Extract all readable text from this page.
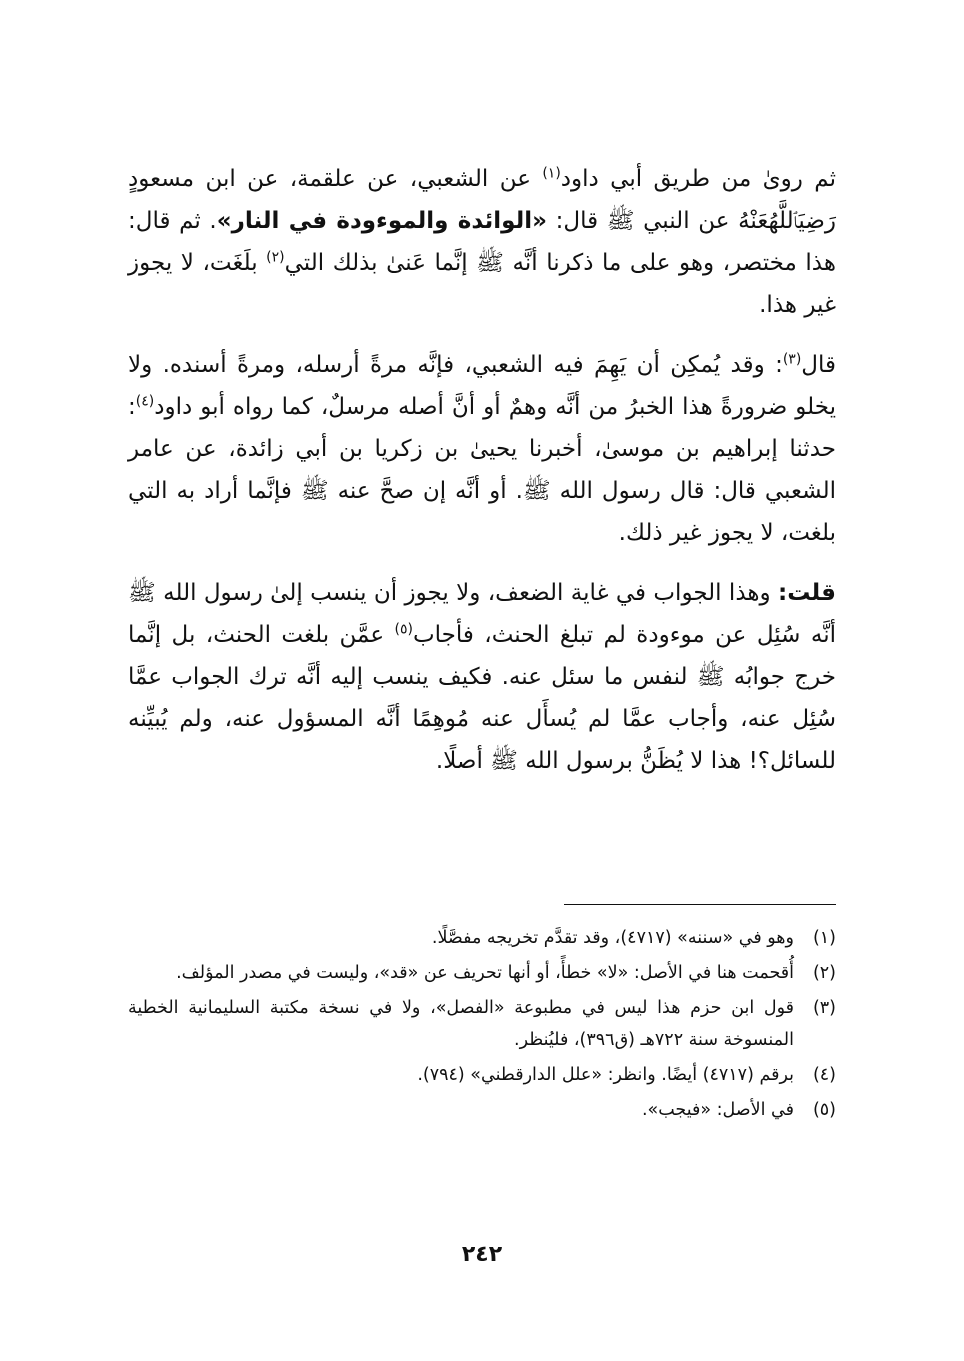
ثم روىٰ من طريق أبي داود$^{(١)}$ عن الشعبي، عن علقمة، عن ابن مسعودٍ رَضِيَٱللَّهُعَنْهُ عن النبي ﷺ قال: «الوائدة والموءودة في النار». ثم قال: هذا مختصر، وهو على ما ذكرنا أنَّه ﷺ إنَّما عَنىٰ بذلك التي$^{(٢)}$ بلَغَت، لا يجوز غير هذا.

قال$^{(٣)}$: وقد يُمكِن أن يَهِمَ فيه الشعبي، فإنَّه مرةً أرسله، ومرةً أسنده. ولا يخلو ضرورةً هذا الخبرُ من أنَّه وهمٌ أو أنَّ أصله مرسلٌ، كما رواه أبو داود$^{(٤)}$: حدثنا إبراهيم بن موسىٰ، أخبرنا يحيىٰ بن زكريا بن أبي زائدة، عن عامر الشعبي قال: قال رسول الله ﷺ. أو أنَّه إن صحَّ عنه ﷺ فإنَّما أراد به التي بلغت، لا يجوز غير ذلك.

قلت: وهذا الجواب في غاية الضعف، ولا يجوز أن ينسب إلىٰ رسول الله ﷺ أنَّه سُئِل عن موءودة لم تبلغ الحنث، فأجاب$^{(٥)}$ عمَّن بلغت الحنث، بل إنَّما خرج جوابُه ﷺ لنفس ما سئل عنه. فكيف ينسب إليه أنَّه ترك الجواب عمَّا سُئِل عنه، وأجاب عمَّا لم يُسأَل عنه مُوهِمًا أنَّه المسؤول عنه، ولم يُبيِّنه للسائل؟! هذا لا يُظَنُّ برسول الله ﷺ أصلًا.

(١)
وهو في «سننه» (٤٧١٧)، وقد تقدَّم تخريجه مفصَّلًا.
(٢)
أُقحمت هنا في الأصل: «لا» خطأً، أو أنها تحريف عن «قد»، وليست في مصدر المؤلف.
(٣)
قول ابن حزم هذا ليس في مطبوعة «الفصل»، ولا في نسخة مكتبة السليمانية الخطية المنسوخة سنة ٧٢٢هـ (ق٣٩٦)، فليُنظر.
(٤)
برقم (٤٧١٧) أيضًا. وانظر: «علل الدارقطني» (٧٩٤).
(٥)
في الأصل: «فيجب».
٢٤٢
